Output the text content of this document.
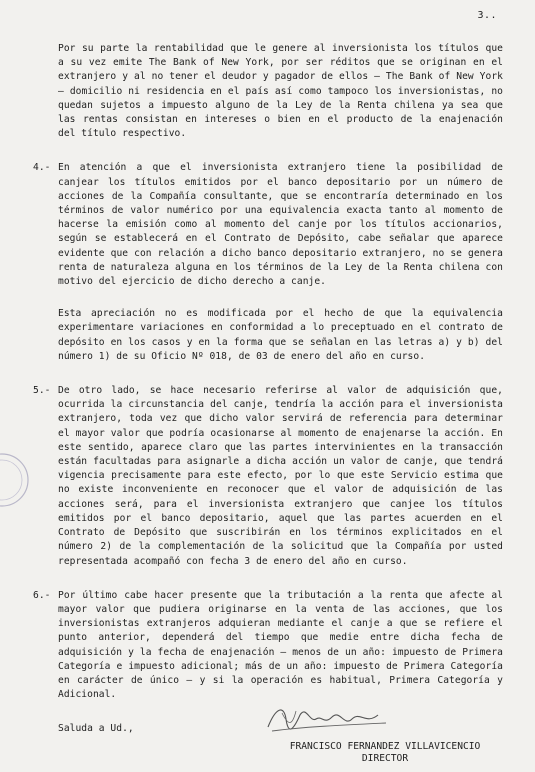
3..

Por su parte la rentabilidad que le genere al inversionista los títulos que a su vez emite The Bank of New York, por ser réditos que se originan en el extranjero y al no tener el deudor y pagador de ellos – The Bank of New York – domicilio ni residencia en el país así como tampoco los inversionistas, no quedan sujetos a impuesto alguno de la Ley de la Renta chilena ya sea que las rentas consistan en intereses o bien en el producto de la enajenación del título respectivo.

4.- En atención a que el inversionista extranjero tiene la posibilidad de canjear los títulos emitidos por el banco depositario por un número de acciones de la Compañía consultante, que se encontraría determinado en los términos de valor numérico por una equivalencia exacta tanto al momento de hacerse la emisión como al momento del canje por los títulos accionarios, según se establecerá en el Contrato de Depósito, cabe señalar que aparece evidente que con relación a dicho banco depositario extranjero, no se genera renta de naturaleza alguna en los términos de la Ley de la Renta chilena con motivo del ejercicio de dicho derecho a canje.

Esta apreciación no es modificada por el hecho de que la equivalencia experimentare variaciones en conformidad a lo preceptuado en el contrato de depósito en los casos y en la forma que se señalan en las letras a) y b) del número 1) de su Oficio Nº 018, de 03 de enero del año en curso.

5.- De otro lado, se hace necesario referirse al valor de adquisición que, ocurrida la circunstancia del canje, tendría la acción para el inversionista extranjero, toda vez que dicho valor servirá de referencia para determinar el mayor valor que podría ocasionarse al momento de enajenarse la acción. En este sentido, aparece claro que las partes intervinientes en la transacción están facultadas para asignarle a dicha acción un valor de canje, que tendrá vigencia precisamente para este efecto, por lo que este Servicio estima que no existe inconveniente en reconocer que el valor de adquisición de las acciones será, para el inversionista extranjero que canjee los títulos emitidos por el banco depositario, aquel que las partes acuerden en el Contrato de Depósito que suscribirán en los términos explicitados en el número 2) de la complementación de la solicitud que la Compañía por usted representada acompañó con fecha 3 de enero del año en curso.

6.- Por último cabe hacer presente que la tributación a la renta que afecte al mayor valor que pudiera originarse en la venta de las acciones, que los inversionistas extranjeros adquieran mediante el canje a que se refiere el punto anterior, dependerá del tiempo que medie entre dicha fecha de adquisición y la fecha de enajenación – menos de un año: impuesto de Primera Categoría e impuesto adicional; más de un año: impuesto de Primera Categoría en carácter de único – y si la operación es habitual, Primera Categoría y Adicional.

Saluda a Ud.,
FRANCISCO FERNANDEZ VILLAVICENCIO
DIRECTOR
